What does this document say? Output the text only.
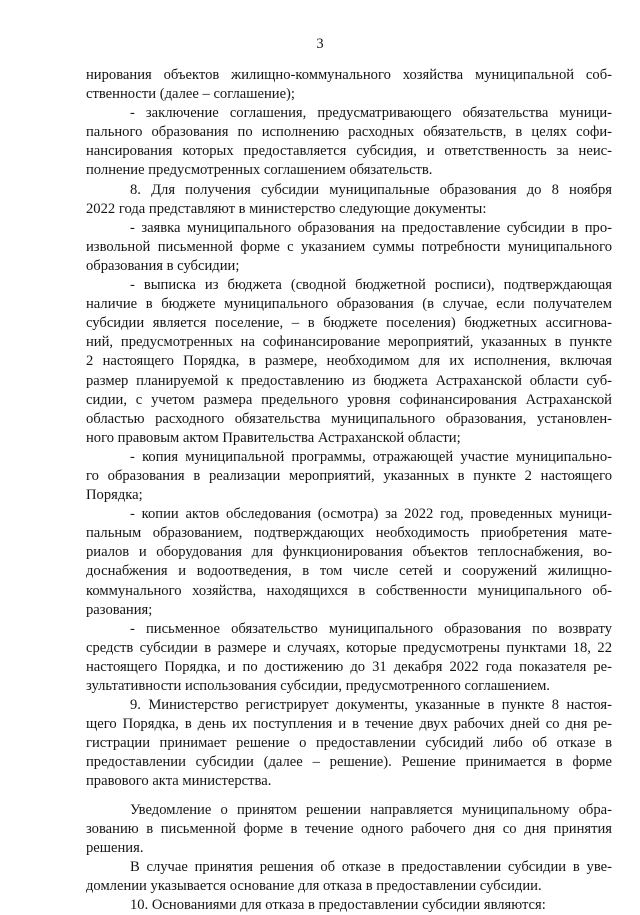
3
нирования объектов жилищно-коммунального хозяйства муниципальной соб-
ственности (далее – соглашение);
- заключение соглашения, предусматривающего обязательства муници-
пального образования по исполнению расходных обязательств, в целях софи-
нансирования которых предоставляется субсидия, и ответственность за неис-
полнение предусмотренных соглашением обязательств.
8. Для получения субсидии муниципальные образования до 8 ноября
2022 года представляют в министерство следующие документы:
- заявка муниципального образования на предоставление субсидии в про-
извольной письменной форме с указанием суммы потребности муниципального
образования в субсидии;
- выписка из бюджета (сводной бюджетной росписи), подтверждающая
наличие в бюджете муниципального образования (в случае, если получателем
субсидии является поселение, – в бюджете поселения) бюджетных ассигнова-
ний, предусмотренных на софинансирование мероприятий, указанных в пункте
2 настоящего Порядка, в размере, необходимом для их исполнения, включая
размер планируемой к предоставлению из бюджета Астраханской области суб-
сидии, с учетом размера предельного уровня софинансирования Астраханской
областью расходного обязательства муниципального образования, установлен-
ного правовым актом Правительства Астраханской области;
- копия муниципальной программы, отражающей участие муниципально-
го образования в реализации мероприятий, указанных в пункте 2 настоящего
Порядка;
- копии актов обследования (осмотра) за 2022 год, проведенных муници-
пальным образованием, подтверждающих необходимость приобретения мате-
риалов и оборудования для функционирования объектов теплоснабжения, во-
доснабжения и водоотведения, в том числе сетей и сооружений жилищно-
коммунального хозяйства, находящихся в собственности муниципального об-
разования;
- письменное обязательство муниципального образования по возврату
средств субсидии в размере и случаях, которые предусмотрены пунктами 18, 22
настоящего Порядка, и по достижению до 31 декабря 2022 года показателя ре-
зультативности использования субсидии, предусмотренного соглашением.
9. Министерство регистрирует документы, указанные в пункте 8 настоя-
щего Порядка, в день их поступления и в течение двух рабочих дней со дня ре-
гистрации принимает решение о предоставлении субсидий либо об отказе в
предоставлении субсидии (далее – решение). Решение принимается в форме
правового акта министерства.
Уведомление о принятом решении направляется муниципальному обра-
зованию в письменной форме в течение одного рабочего дня со дня принятия
решения.
В случае принятия решения об отказе в предоставлении субсидии в уве-
домлении указывается основание для отказа в предоставлении субсидии.
10. Основаниями для отказа в предоставлении субсидии являются:
